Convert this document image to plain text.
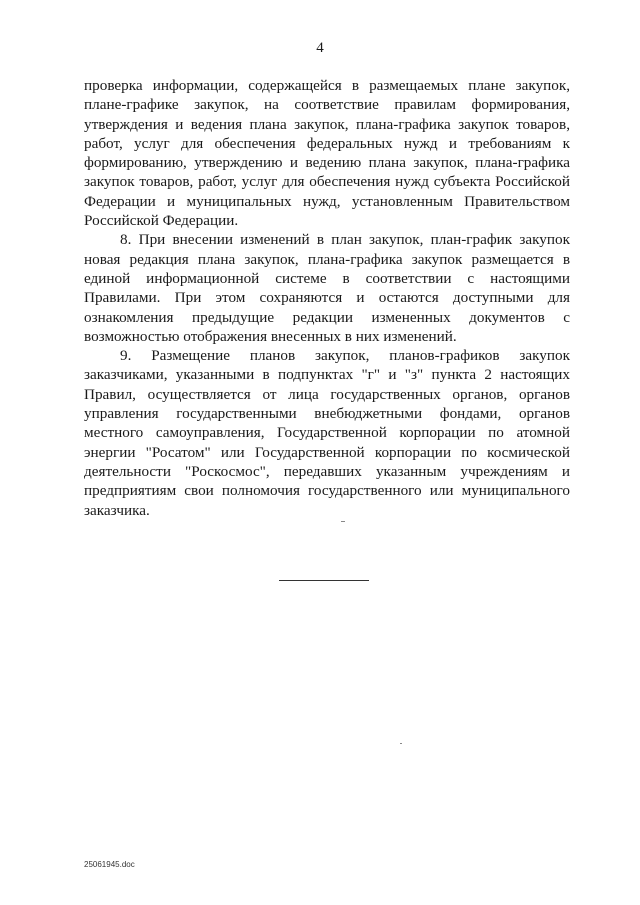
4

проверка информации, содержащейся в размещаемых плане закупок, плане-графике закупок, на соответствие правилам формирования, утверждения и ведения плана закупок, плана-графика закупок товаров, работ, услуг для обеспечения федеральных нужд и требованиям к формированию, утверждению и ведению плана закупок, плана-графика закупок товаров, работ, услуг для обеспечения нужд субъекта Российской Федерации и муниципальных нужд, установленным Правительством Российской Федерации.

8. При внесении изменений в план закупок, план-график закупок новая редакция плана закупок, плана-графика закупок размещается в единой информационной системе в соответствии с настоящими Правилами. При этом сохраняются и остаются доступными для ознакомления предыдущие редакции измененных документов с возможностью отображения внесенных в них изменений.

9. Размещение планов закупок, планов-графиков закупок заказчиками, указанными в подпунктах "г" и "з" пункта 2 настоящих Правил, осуществляется от лица государственных органов, органов управления государственными внебюджетными фондами, органов местного самоуправления, Государственной корпорации по атомной энергии "Росатом" или Государственной корпорации по космической деятельности "Роскосмос", передавших указанным учреждениям и предприятиям свои полномочия государственного или муниципального заказчика.

25061945.doc
